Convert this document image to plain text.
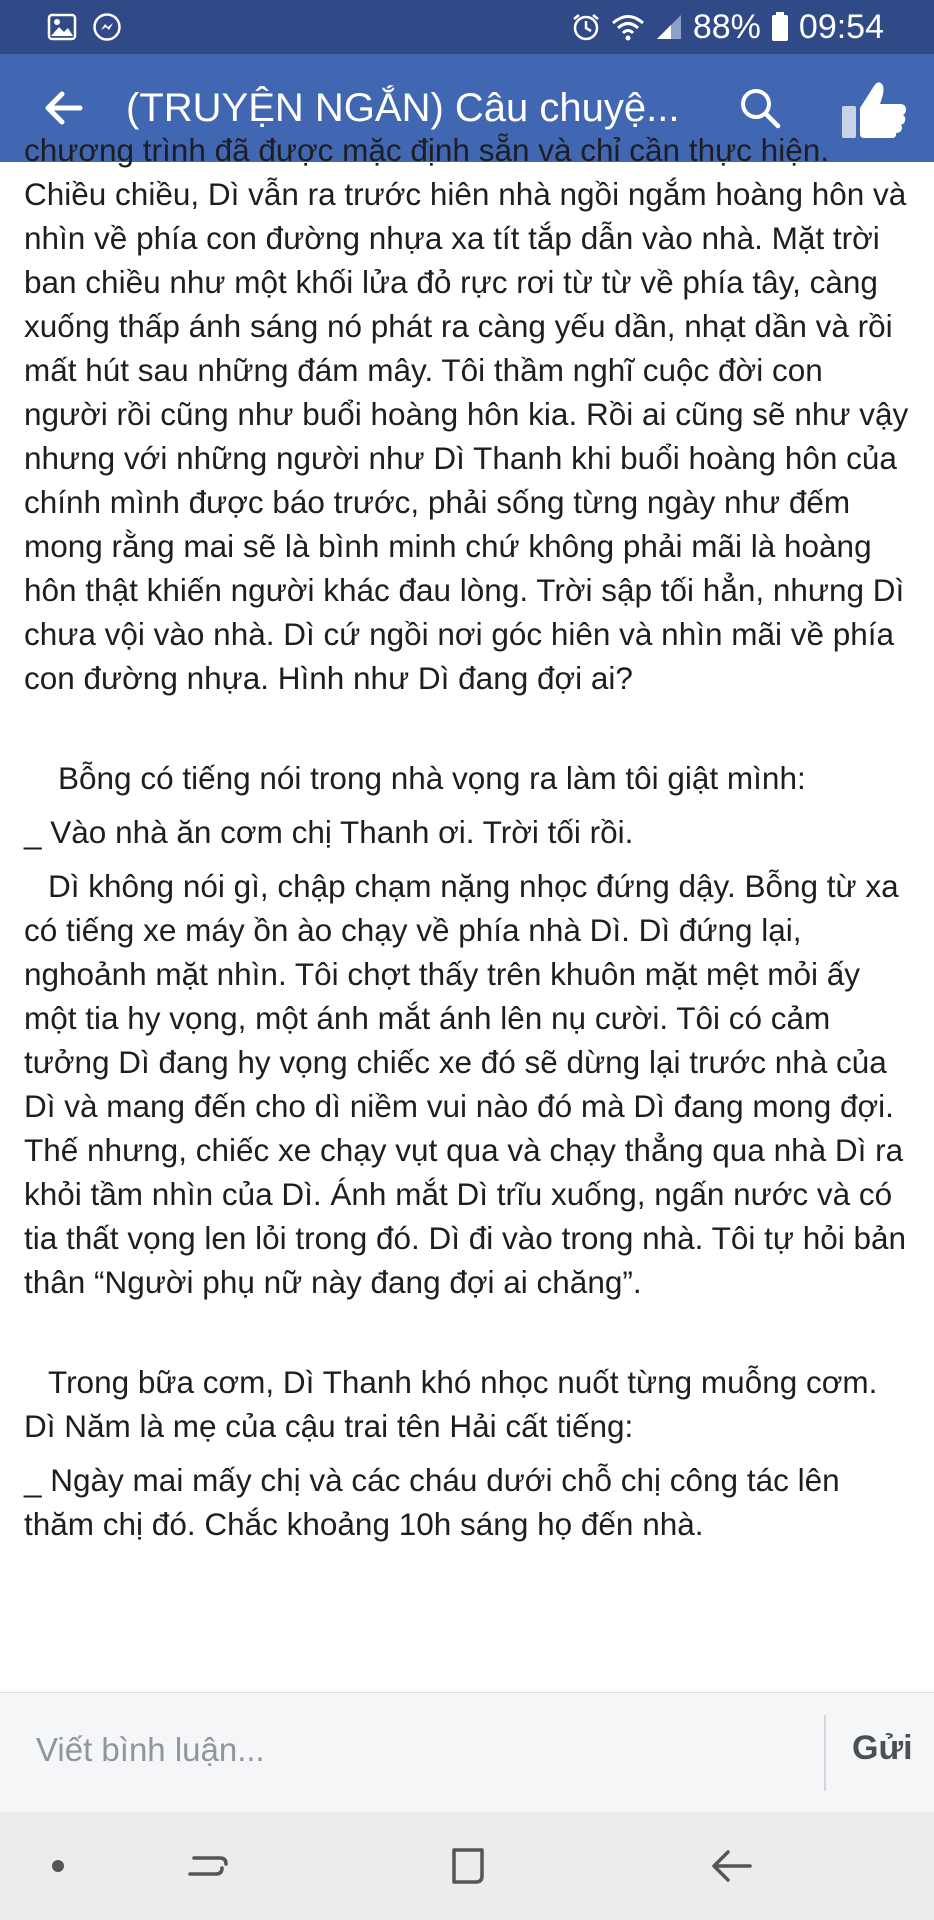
88% 09:54
(TRUYỆN NGẮN) Câu chuyệ...

chương trình đã được mặc định sẵn và chỉ cần thực hiện. Chiều chiều, Dì vẫn ra trước hiên nhà ngồi ngắm hoàng hôn và nhìn về phía con đường nhựa xa tít tắp dẫn vào nhà. Mặt trời ban chiều như một khối lửa đỏ rực rơi từ từ về phía tây, càng xuống thấp ánh sáng nó phát ra càng yếu dần, nhạt dần và rồi mất hút sau những đám mây. Tôi thầm nghĩ cuộc đời con người rồi cũng như buổi hoàng hôn kia. Rồi ai cũng sẽ như vậy nhưng với những người như Dì Thanh khi buổi hoàng hôn của chính mình được báo trước, phải sống từng ngày như đếm mong rằng mai sẽ là bình minh chứ không phải mãi là hoàng hôn thật khiến người khác đau lòng. Trời sập tối hẳn, nhưng Dì chưa vội vào nhà. Dì cứ ngồi nơi góc hiên và nhìn mãi về phía con đường nhựa. Hình như Dì đang đợi ai?

Bỗng có tiếng nói trong nhà vọng ra làm tôi giật mình:

_ Vào nhà ăn cơm chị Thanh ơi. Trời tối rồi.

Dì không nói gì, chập chạm nặng nhọc đứng dậy. Bỗng từ xa có tiếng xe máy ồn ào chạy về phía nhà Dì. Dì đứng lại, nghoảnh mặt nhìn. Tôi chợt thấy trên khuôn mặt mệt mỏi ấy một tia hy vọng, một ánh mắt ánh lên nụ cười. Tôi có cảm tưởng Dì đang hy vọng chiếc xe đó sẽ dừng lại trước nhà của Dì và mang đến cho dì niềm vui nào đó mà Dì đang mong đợi. Thế nhưng, chiếc xe chạy vụt qua và chạy thẳng qua nhà Dì ra khỏi tầm nhìn của Dì. Ánh mắt Dì trĩu xuống, ngấn nước và có tia thất vọng len lỏi trong đó. Dì đi vào trong nhà. Tôi tự hỏi bản thân “Người phụ nữ này đang đợi ai chăng”.

Trong bữa cơm, Dì Thanh khó nhọc nuốt từng muỗng cơm. Dì Năm là mẹ của cậu trai tên Hải cất tiếng:

_ Ngày mai mấy chị và các cháu dưới chỗ chị công tác lên thăm chị đó. Chắc khoảng 10h sáng họ đến nhà.

Viết bình luận...	Gửi
